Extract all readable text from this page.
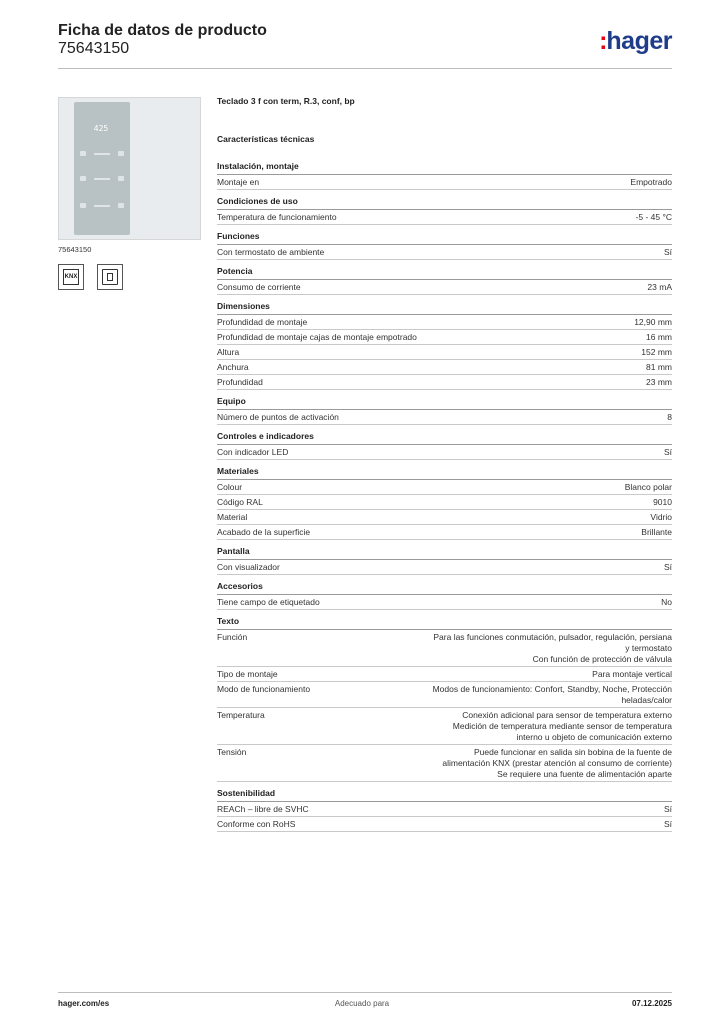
Ficha de datos de producto
75643150	:hager
425
75643150
KNX
Teclado 3 f con term, R.3, conf, bp
Características técnicas
Instalación, montaje
Montaje en	Empotrado
Condiciones de uso
Temperatura de funcionamiento	-5 - 45 °C
Funciones
Con termostato de ambiente	Sí
Potencia
Consumo de corriente	23 mA
Dimensiones
Profundidad de montaje	12,90 mm
Profundidad de montaje cajas de montaje empotrado	16 mm
Altura	152 mm
Anchura	81 mm
Profundidad	23 mm
Equipo
Número de puntos de activación	8
Controles e indicadores
Con indicador LED	Sí
Materiales
Colour	Blanco polar
Código RAL	9010
Material	Vidrio
Acabado de la superficie	Brillante
Pantalla
Con visualizador	Sí
Accesorios
Tiene campo de etiquetado	No
Texto
Función	Para las funciones conmutación, pulsador, regulación, persiana y termostato
Con función de protección de válvula
Tipo de montaje	Para montaje vertical
Modo de funcionamiento	Modos de funcionamiento: Confort, Standby, Noche, Protección heladas/calor
Temperatura	Conexión adicional para sensor de temperatura externo
Medición de temperatura mediante sensor de temperatura interno u objeto de comunicación externo
Tensión	Puede funcionar en salida sin bobina de la fuente de alimentación KNX (prestar atención al consumo de corriente)
Se requiere una fuente de alimentación aparte
Sostenibilidad
REACh – libre de SVHC	Sí
Conforme con RoHS	Sí
hager.com/es	Adecuado para	07.12.2025
